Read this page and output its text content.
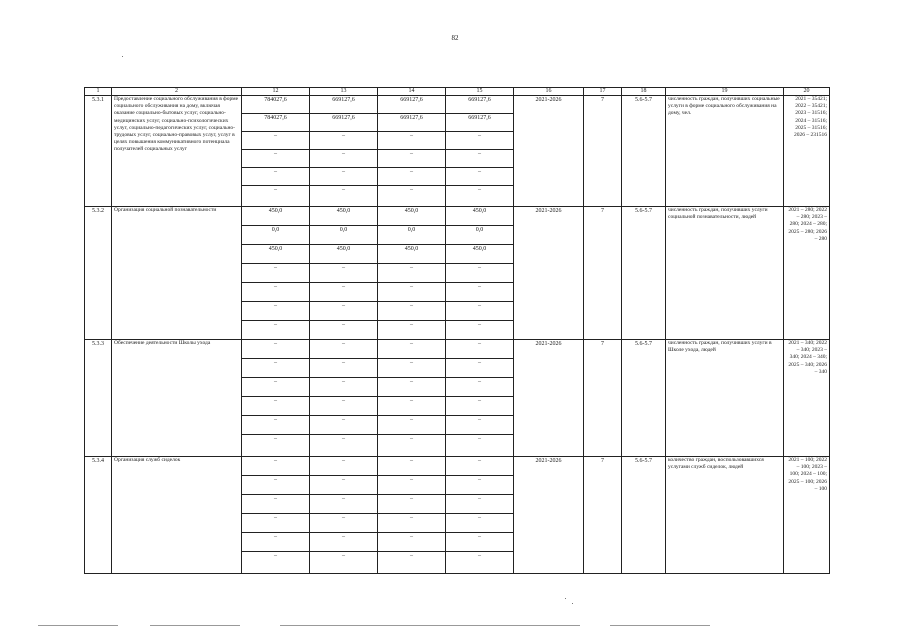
82
1	2	12	13	14	15	16	17	18	19	20
5.3.1	Предоставление социального обслуживания в форме социального обслуживания на дому, включая оказание социально-бытовых услуг, социально-медицинских услуг, социально-психологических услуг, социально-педагогических услуг, социально-трудовых услуг, социально-правовых услуг, услуг в целях повышения коммуникативного потенциала получателей социальных услуг	784027,6	669127,6	669127,6	669127,6	2021-2026	7	5.6-5.7	численность граждан, получивших социальные услуги в форме социального обслуживания на дому, чел.	2021 – 35421; 2022 – 35421; 2023 – 31516; 2024 – 31516; 2025 – 31516; 2026 – 231516
		784027,6	669127,6	669127,6	669127,6					
		–	–	–	–					
		–	–	–	–					
		–	–	–	–					
		–	–	–	–					
5.3.2	Организация социальной познавательности	450,0	450,0	450,0	450,0	2021-2026	7	5.6-5.7	численность граждан, получивших услуги социальной познавательности, людей	2021 – 280; 2022 – 280; 2023 – 280; 2024 – 280; 2025 – 280; 2026 – 280
		0,0	0,0	0,0	0,0					
		450,0	450,0	450,0	450,0					
		–	–	–	–					
		–	–	–	–					
		–	–	–	–					
		–	–	–	–					
5.3.3	Обеспечение деятельности Школы ухода	–	–	–	–	2021-2026	7	5.6-5.7	численность граждан, получивших услуги в Школе ухода, людей	2021 – 340; 2022 – 340; 2023 – 340; 2024 – 340; 2025 – 340; 2026 – 340
		–	–	–	–					
		–	–	–	–					
		–	–	–	–					
		–	–	–	–					
		–	–	–	–					
5.3.4	Организация служб сиделок	–	–	–	–	2021-2026	7	5.6-5.7	количество граждан, воспользовавшихся услугами служб сиделок, людей	2021 – 100; 2022 – 100; 2023 – 100; 2024 – 100; 2025 – 100; 2026 – 100
		–	–	–	–					
		–	–	–	–					
		–	–	–	–					
		–	–	–	–					
		–	–	–	–					
